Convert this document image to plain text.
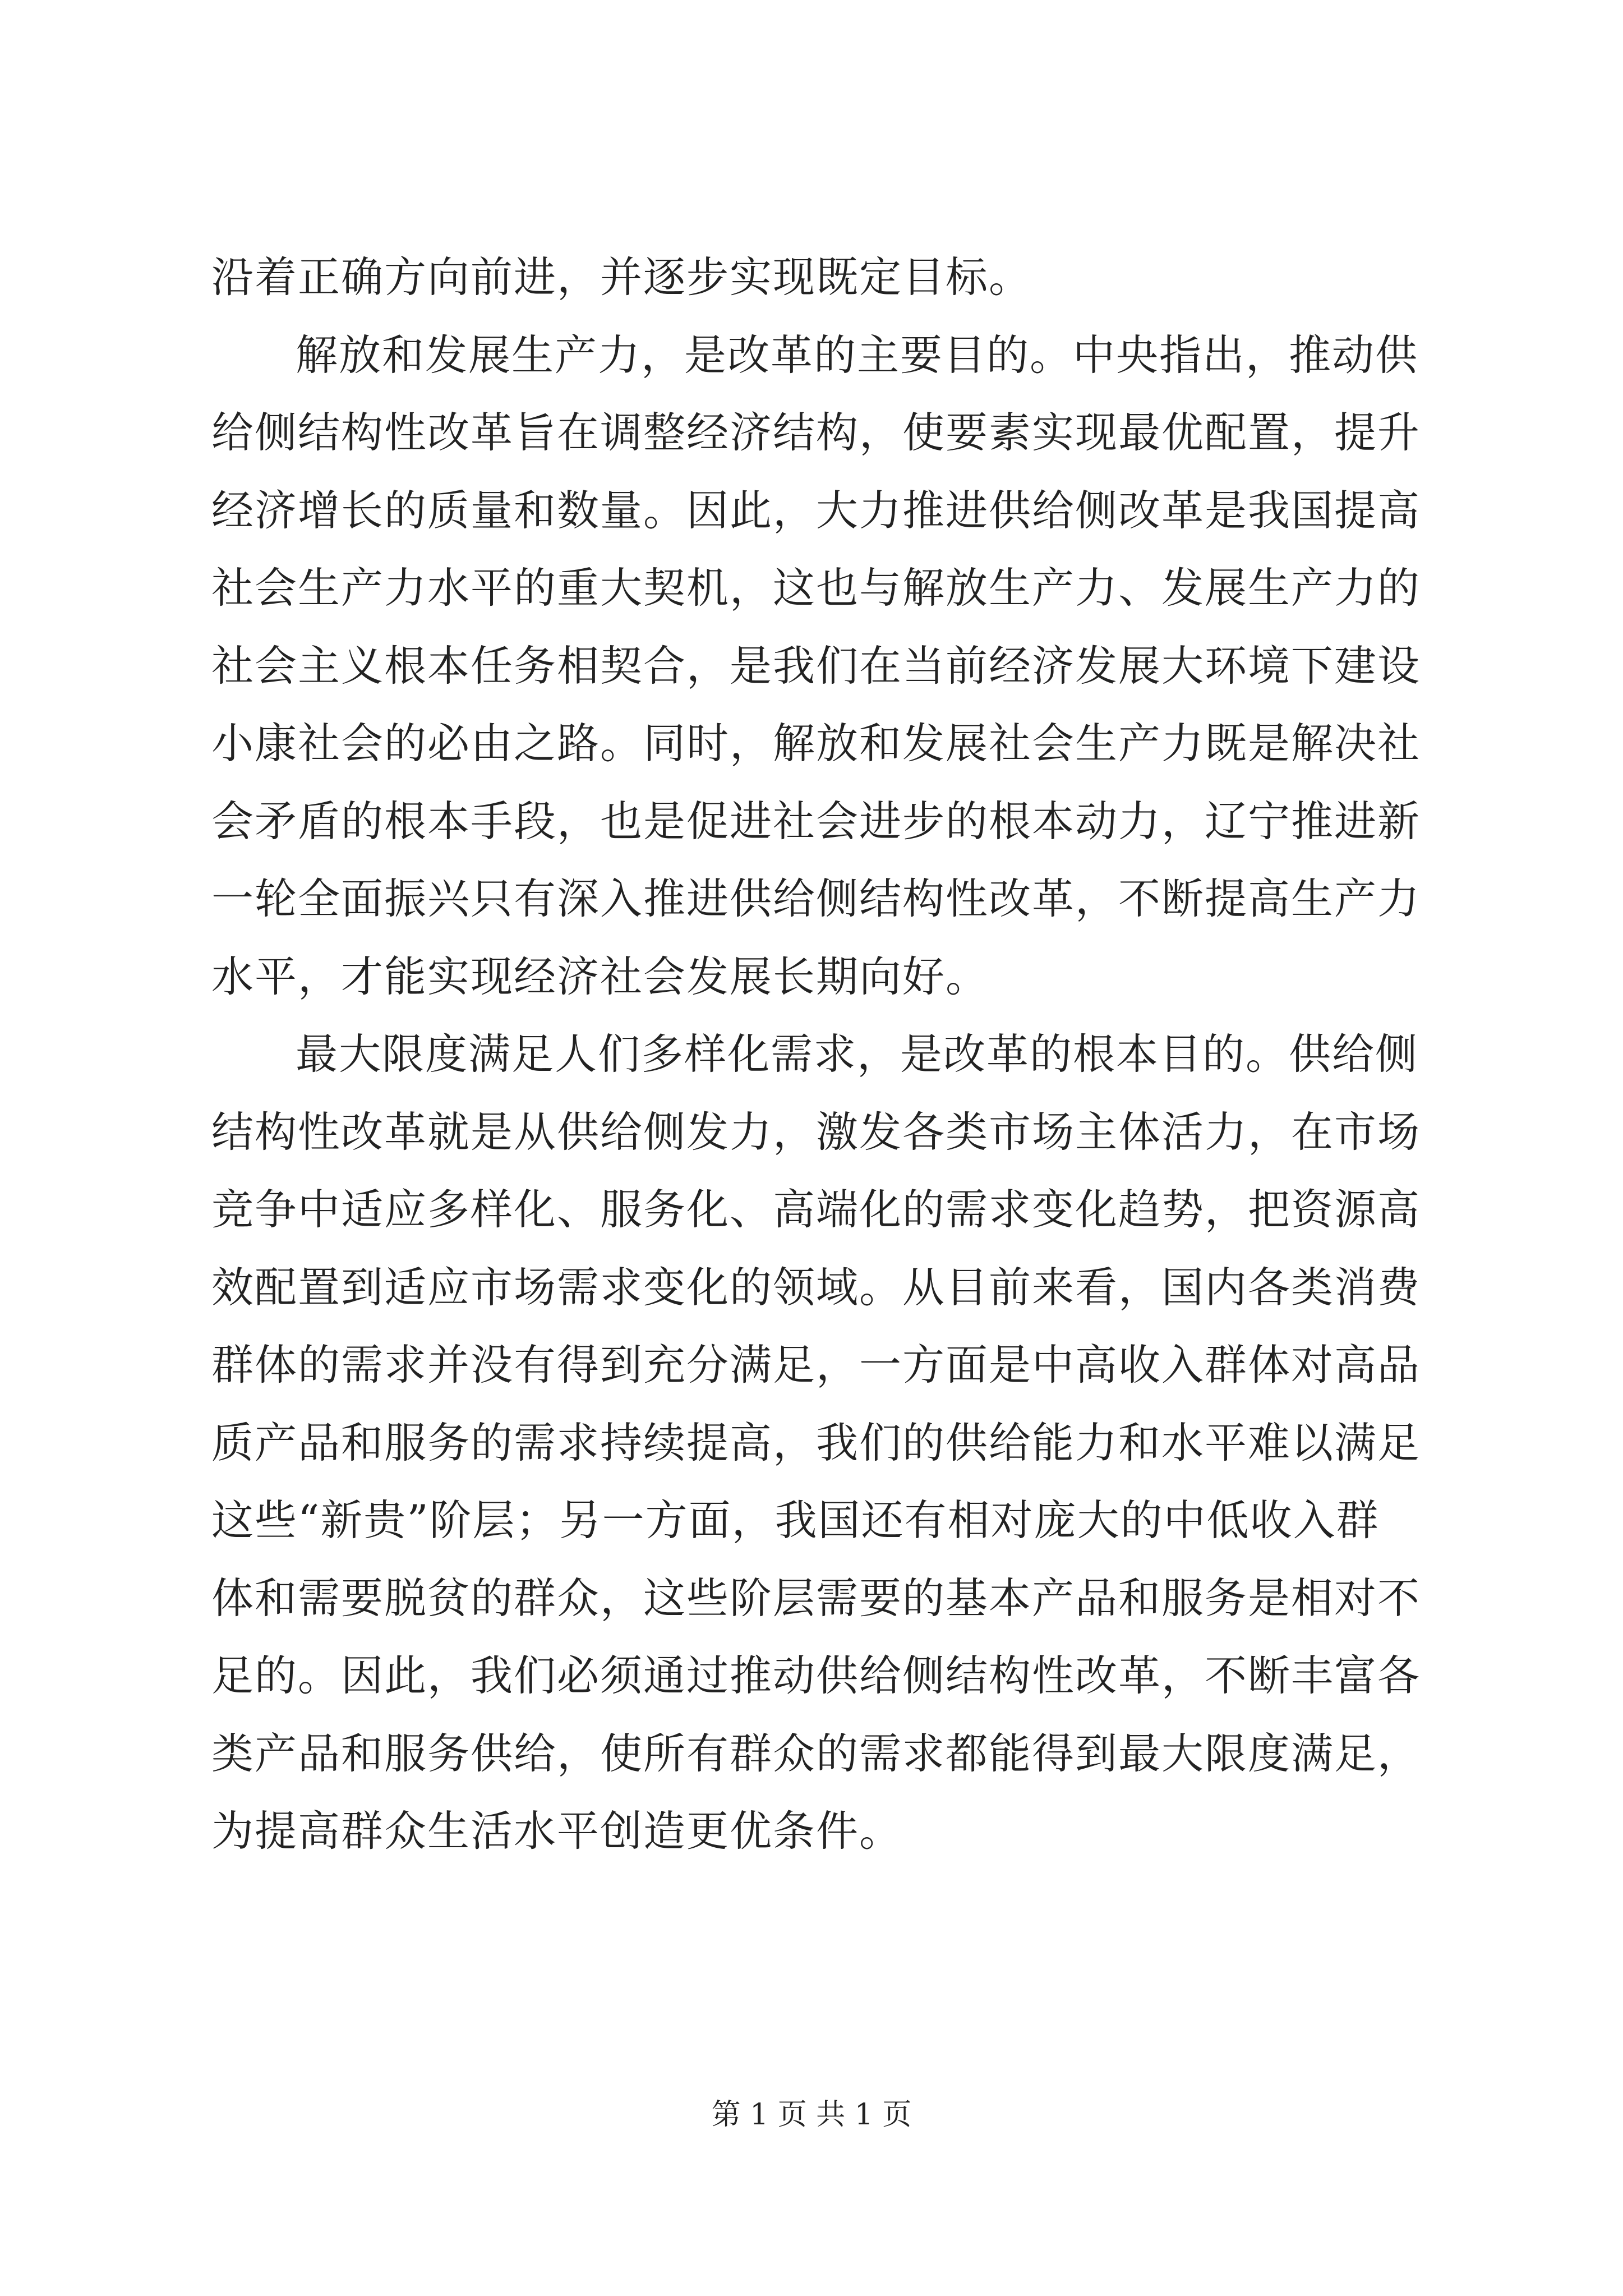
沿着正确方向前进，并逐步实现既定目标。
解放和发展生产力，是改革的主要目的。中央指出，推动供
给侧结构性改革旨在调整经济结构，使要素实现最优配置，提升
经济增长的质量和数量。因此，大力推进供给侧改革是我国提高
社会生产力水平的重大契机，这也与解放生产力、发展生产力的
社会主义根本任务相契合，是我们在当前经济发展大环境下建设
小康社会的必由之路。同时，解放和发展社会生产力既是解决社
会矛盾的根本手段，也是促进社会进步的根本动力，辽宁推进新
一轮全面振兴只有深入推进供给侧结构性改革，不断提高生产力
水平，才能实现经济社会发展长期向好。
最大限度满足人们多样化需求，是改革的根本目的。供给侧
结构性改革就是从供给侧发力，激发各类市场主体活力，在市场
竞争中适应多样化、服务化、高端化的需求变化趋势，把资源高
效配置到适应市场需求变化的领域。从目前来看，国内各类消费
群体的需求并没有得到充分满足，一方面是中高收入群体对高品
质产品和服务的需求持续提高，我们的供给能力和水平难以满足
这些“新贵”阶层；另一方面，我国还有相对庞大的中低收入群
体和需要脱贫的群众，这些阶层需要的基本产品和服务是相对不
足的。因此，我们必须通过推动供给侧结构性改革，不断丰富各
类产品和服务供给，使所有群众的需求都能得到最大限度满足，
为提高群众生活水平创造更优条件。
第 1 页 共 1 页
